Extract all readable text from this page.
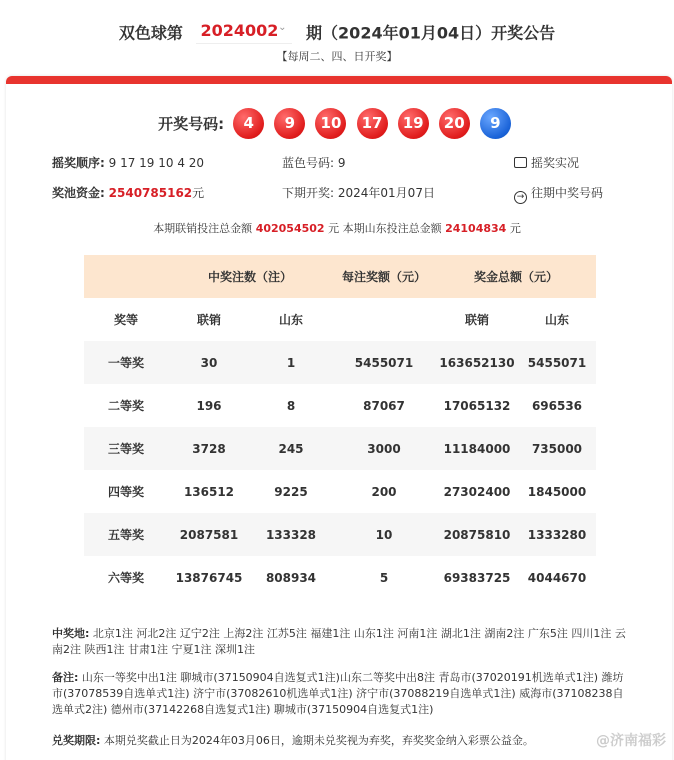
双色球第 2024002 ⌄ 期（2024年01月04日）开奖公告
【每周二、四、日开奖】
开奖号码: 4 9 10 17 19 20 9
摇奖顺序: 9 17 19 10 4 20	蓝色号码: 9	摇奖实况
奖池资金: 2540785162元	下期开奖: 2024年01月07日	→ 往期中奖号码
本期联销投注总金额 402054502 元 本期山东投注总金额 24104834 元
	中奖注数（注）		每注奖额（元）	奖金总额（元）	
奖等	联销	山东		联销	山东
一等奖	30	1	5455071	163652130	5455071
二等奖	196	8	87067	17065132	696536
三等奖	3728	245	3000	11184000	735000
四等奖	136512	9225	200	27302400	1845000
五等奖	2087581	133328	10	20875810	1333280
六等奖	13876745	808934	5	69383725	4044670
中奖地: 北京1注 河北2注 辽宁2注 上海2注 江苏5注 福建1注 山东1注 河南1注 湖北1注 湖南2注 广东5注 四川1注 云南2注 陕西1注 甘肃1注 宁夏1注 深圳1注
备注: 山东一等奖中出1注 聊城市(37150904自选复式1注)山东二等奖中出8注 青岛市(37020191机选单式1注) 潍坊市(37078539自选单式1注) 济宁市(37082610机选单式1注) 济宁市(37088219自选单式1注) 威海市(37108238自选单式2注) 德州市(37142268自选复式1注) 聊城市(37150904自选复式1注)
兑奖期限: 本期兑奖截止日为2024年03月06日，逾期未兑奖视为弃奖，弃奖奖金纳入彩票公益金。	@济南福彩
